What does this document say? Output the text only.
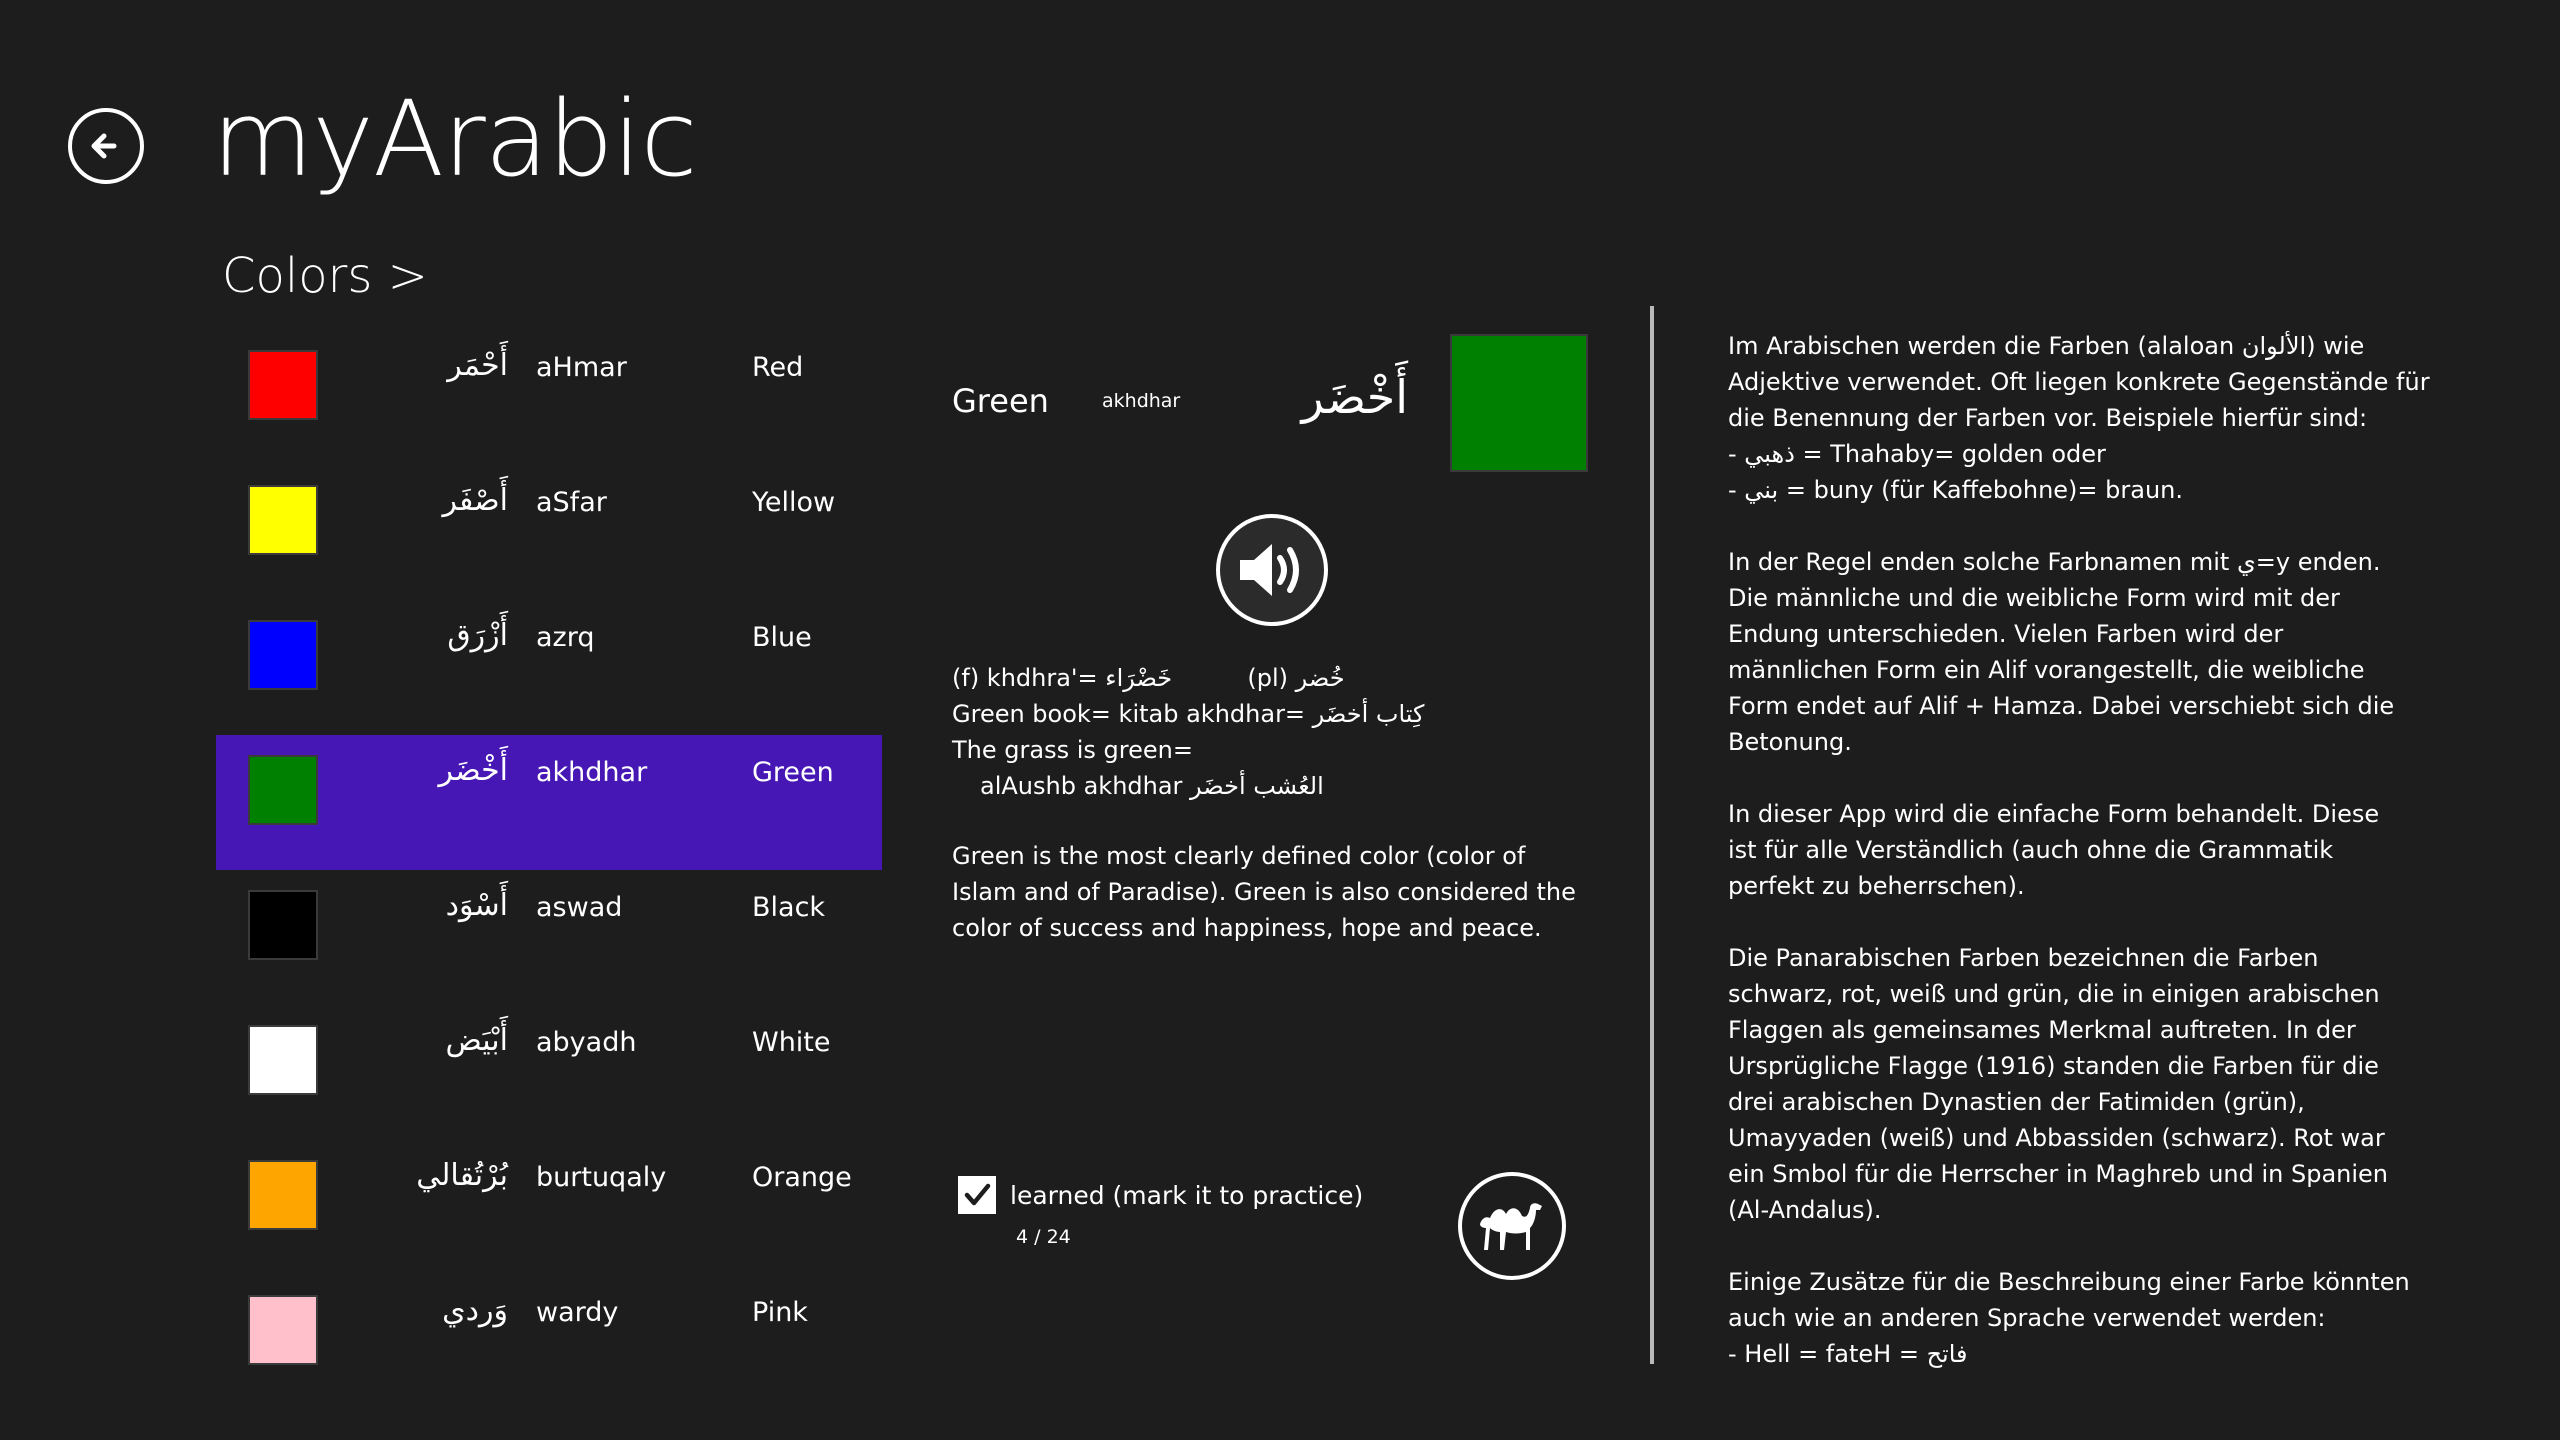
myArabic
Colors >
أَحْمَر aHmar	Red
أَصْفَر aSfar	Yellow
أَزْرَق azrq	Blue
أَخْضَر akhdhar	Green
أَسْوَد aswad	Black
أَبْيَض abyadh	White
بُرْتُقالي burtuqaly	Orange
وَردي wardy	Pink
Green	akhdhar	أَخْضَر
(f) khdhra'= خَضْرَاء	(pl) خُضر
Green book= kitab akhdhar= كِتاب أخضَر
The grass is green=
alAushb akhdhar العُشب أخضَر
Green is the most clearly defined color (color of Islam and of Paradise). Green is also considered the color of success and happiness, hope and peace.
learned (mark it to practice)
4 / 24

Im Arabischen werden die Farben (alaloan الألوان) wie
Adjektive verwendet. Oft liegen konkrete Gegenstände für
die Benennung der Farben vor. Beispiele hierfür sind:
- ذهبي = Thahaby= golden oder
- بني = buny (für Kaffebohne)= braun.

In der Regel enden solche Farbnamen mit ي=y enden. Die männliche und die weibliche Form wird mit der Endung unterschieden. Vielen Farben wird der männlichen Form ein Alif vorangestellt, die weibliche Form endet auf Alif + Hamza. Dabei verschiebt sich die Betonung.

In dieser App wird die einfache Form behandelt. Diese ist für alle Verständlich (auch ohne die Grammatik perfekt zu beherrschen).

Die Panarabischen Farben bezeichnen die Farben schwarz, rot, weiß und grün, die in einigen arabischen Flaggen als gemeinsames Merkmal auftreten. In der Ursprügliche Flagge (1916) standen die Farben für die drei arabischen Dynastien der Fatimiden (grün), Umayyaden (weiß) und Abbassiden (schwarz). Rot war ein Smbol für die Herrscher in Maghreb und in Spanien (Al-Andalus).

Einige Zusätze für die Beschreibung einer Farbe könnten
auch wie an anderen Sprache verwendet werden:
- Hell = fateH = فاتح
